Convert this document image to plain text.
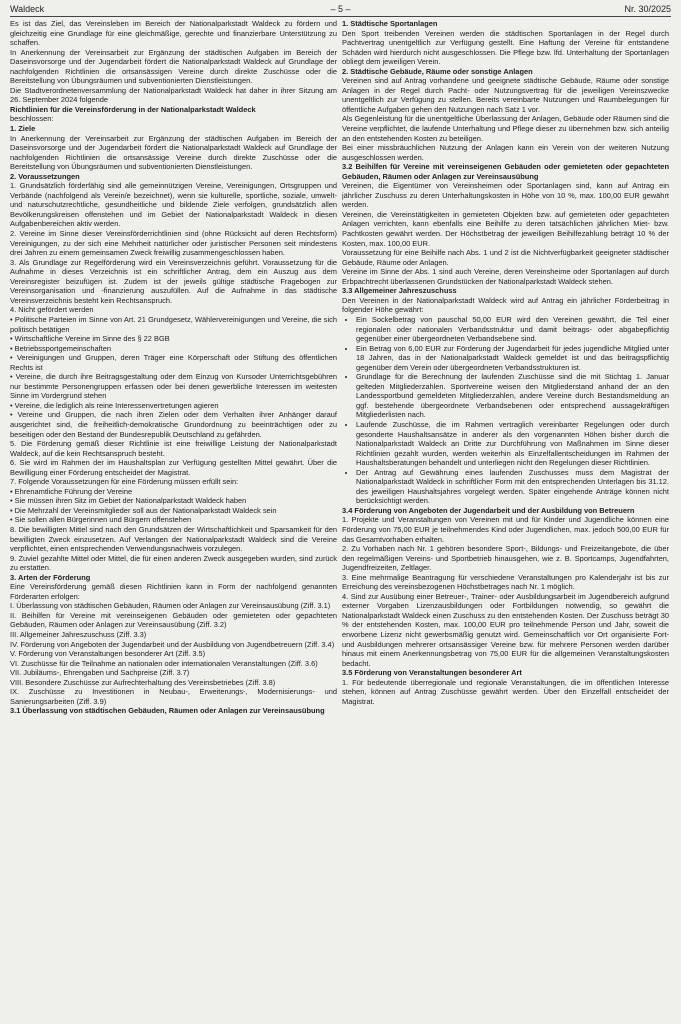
Waldeck	– 5 –	Nr. 30/2025

Es ist das Ziel, das Vereinsleben im Bereich der Nationalparkstadt Waldeck zu fördern und gleichzeitig eine Grundlage für eine gleichmäßige, gerechte und finanzierbare Unterstützung zu schaffen.

In Anerkennung der Vereinsarbeit zur Ergänzung der städtischen Aufgaben im Bereich der Daseinsvorsorge und der Jugendarbeit fördert die Nationalparkstadt Waldeck auf Grundlage der nachfolgenden Richtlinien die ortsansässigen Vereine durch direkte Zuschüsse oder die Bereitstellung von Übungsräumen und subventionierten Dienstleistungen.

Die Stadtverordnetenversammlung der Nationalparkstadt Waldeck hat daher in ihrer Sitzung am 26. September 2024 folgende

Richtlinien für die Vereinsförderung in der Nationalparkstadt Waldeck

beschlossen:

1. Ziele

In Anerkennung der Vereinsarbeit zur Ergänzung der städtischen Aufgaben im Bereich der Daseinsvorsorge und der Jugendarbeit fördert die Nationalparkstadt Waldeck auf Grundlage der nachfolgenden Richtlinien die ortsansässige Vereine durch direkte Zuschüsse oder die Bereitstellung von Übungsräumen und subventionierten Dienstleistungen.

2. Voraussetzungen

1. Grundsätzlich förderfähig sind alle gemeinnützigen Vereine, Vereinigungen, Ortsgruppen und Verbände (nachfolgend als Verein/e bezeichnet), wenn sie kulturelle, sportliche, soziale, umwelt- und naturschutzrechtliche, gesundheitliche und bildende Ziele verfolgen, grundsätzlich allen Bevölkerungskreisen offenstehen und im Gebiet der Nationalparkstadt Waldeck in diesen Aufgabenbereichen aktiv werden.

2. Vereine im Sinne dieser Vereinsförderrichtlinien sind (ohne Rücksicht auf deren Rechtsform) Vereinigungen, zu der sich eine Mehrheit natürlicher oder juristischer Personen seit mindestens drei Jahren zu einem gemeinsamen Zweck freiwillig zusammengeschlossen haben.

3. Als Grundlage zur Regelförderung wird ein Vereinsverzeichnis geführt. Voraussetzung für die Aufnahme in dieses Verzeichnis ist ein schriftlicher Antrag, dem ein Auszug aus dem Vereinsregister beizufügen ist. Zudem ist der jeweils gültige städtische Fragebogen zur Vereinsorganisation und -finanzierung auszufüllen. Auf die Aufnahme in das städtische Vereinsverzeichnis besteht kein Rechtsanspruch.

4. Nicht gefördert werden

• Politische Parteien im Sinne von Art. 21 Grundgesetz, Wählervereinigungen und Vereine, die sich politisch betätigen

• Wirtschaftliche Vereine im Sinne des § 22 BGB

• Betriebssportgemeinschaften

• Vereinigungen und Gruppen, deren Träger eine Körperschaft oder Stiftung des öffentlichen Rechts ist

• Vereine, die durch ihre Beitragsgestaltung oder dem Einzug von Kursoder Unterrichtsgebühren nur bestimmte Personengruppen erfassen oder bei denen gewerbliche Interessen im weitesten Sinne im Vordergrund stehen

• Vereine, die lediglich als reine Interessenvertretungen agieren

• Vereine und Gruppen, die nach ihren Zielen oder dem Verhalten ihrer Anhänger darauf ausgerichtet sind, die freiheitlich-demokratische Grundordnung zu beeinträchtigen oder zu beseitigen oder den Bestand der Bundesrepublik Deutschland zu gefährden.

5. Die Förderung gemäß dieser Richtlinie ist eine freiwillige Leistung der Nationalparkstadt Waldeck, auf die kein Rechtsanspruch besteht.

6. Sie wird im Rahmen der im Haushaltsplan zur Verfügung gestellten Mittel gewährt. Über die Bewilligung einer Förderung entscheidet der Magistrat.

7. Folgende Voraussetzungen für eine Förderung müssen erfüllt sein:

• Ehrenamtliche Führung der Vereine

• Sie müssen ihren Sitz im Gebiet der Nationalparkstadt Waldeck haben

• Die Mehrzahl der Vereinsmitglieder soll aus der Nationalparkstadt Waldeck sein

• Sie sollen allen Bürgerinnen und Bürgern offenstehen

8. Die bewilligten Mittel sind nach den Grundsätzen der Wirtschaftlichkeit und Sparsamkeit für den bewilligten Zweck einzusetzen. Auf Verlangen der Nationalparkstadt Waldeck sind die Vereine verpflichtet, einen entsprechenden Verwendungsnachweis vorzulegen.

9. Zuviel gezahlte Mittel oder Mittel, die für einen anderen Zweck ausgegeben wurden, sind zurück zu erstatten.

3. Arten der Förderung

Eine Vereinsförderung gemäß diesen Richtlinien kann in Form der nachfolgend genannten Förderarten erfolgen:

I. Überlassung von städtischen Gebäuden, Räumen oder Anlagen zur Vereinsausübung (Ziff. 3.1)

II. Beihilfen für Vereine mit vereinseigenen Gebäuden oder gemieteten oder gepachteten Gebäuden, Räumen oder Anlagen zur Vereinsausübung (Ziff. 3.2)

III. Allgemeiner Jahreszuschuss (Ziff. 3.3)

IV. Förderung von Angeboten der Jugendarbeit und der Ausbildung von Jugendbetreuern (Ziff. 3.4)

V. Förderung von Veranstaltungen besonderer Art (Ziff. 3.5)

VI. Zuschüsse für die Teilnahme an nationalen oder internationalen Veranstaltungen (Ziff. 3.6)

VII. Jubiläums-, Ehrengaben und Sachpreise (Ziff. 3.7)

VIII. Besondere Zuschüsse zur Aufrechterhaltung des Vereinsbetriebes (Ziff. 3.8)

IX. Zuschüsse zu Investitionen in Neubau-, Erweiterungs-, Modernisierungs- und Sanierungsarbeiten (Ziff. 3.9)

3.1 Überlassung von städtischen Gebäuden, Räumen oder Anlagen zur Vereinsausübung

1. Städtische Sportanlagen

Den Sport treibenden Vereinen werden die städtischen Sportanlagen in der Regel durch Pachtvertrag unentgeltlich zur Verfügung gestellt. Eine Haftung der Vereine für entstandene Schäden wird hierdurch nicht ausgeschlossen. Die Pflege bzw. lfd. Unterhaltung der Sportanlagen obliegt dem jeweiligen Verein.

2. Städtische Gebäude, Räume oder sonstige Anlagen

Vereinen sind auf Antrag vorhandene und geeignete städtische Gebäude, Räume oder sonstige Anlagen in der Regel durch Pacht- oder Nutzungsvertrag für die jeweiligen Vereinszwecke unentgeltlich zur Verfügung zu stellen. Bereits vereinbarte Nutzungen und Raumbelegungen für öffentliche Aufgaben gehen den Nutzungen nach Satz 1 vor.

Als Gegenleistung für die unentgeltliche Überlassung der Anlagen, Gebäude oder Räumen sind die Vereine verpflichtet, die laufende Unterhaltung und Pflege dieser zu übernehmen bzw. sich anteilig an den entstehenden Kosten zu beteiligen.

Bei einer missbräuchlichen Nutzung der Anlagen kann ein Verein von der weiteren Nutzung ausgeschlossen werden.

3.2 Beihilfen für Vereine mit vereinseigenen Gebäuden oder gemieteten oder gepachteten Gebäuden, Räumen oder Anlagen zur Vereinsausübung

Vereinen, die Eigentümer von Vereinsheimen oder Sportanlagen sind, kann auf Antrag ein jährlicher Zuschuss zu deren Unterhaltungskosten in Höhe von 10 %, max. 100,00 EUR gewährt werden.

Vereinen, die Vereinstätigkeiten in gemieteten Objekten bzw. auf gemieteten oder gepachteten Anlagen verrichten, kann ebenfalls eine Beihilfe zu deren tatsächlichen jährlichen Miet- bzw. Pachtkosten gewährt werden. Der Höchstbetrag der jeweiligen Beihilfezahlung beträgt 10 % der Kosten, max. 100,00 EUR.

Voraussetzung für eine Beihilfe nach Abs. 1 und 2 ist die Nichtverfügbarkeit geeigneter städtischer Gebäude, Räume oder Anlagen.

Vereine im Sinne der Abs. 1 sind auch Vereine, deren Vereinsheime oder Sportanlagen auf durch Erbpachtrecht überlassenen Grundstücken der Nationalparkstadt Waldeck stehen.

3.3 Allgemeiner Jahreszuschuss

Den Vereinen in der Nationalparkstadt Waldeck wird auf Antrag ein jährlicher Förderbeitrag in folgender Höhe gewährt:

• Ein Sockelbetrag von pauschal 50,00 EUR wird den Vereinen gewährt, die Teil einer regionalen oder nationalen Verbandsstruktur und damit beitrags- oder abgabepflichtig gegenüber einer übergeordneten Verbandsebene sind.
• Ein Betrag von 6,00 EUR zur Förderung der Jugendarbeit für jedes jugendliche Mitglied unter 18 Jahren, das in der Nationalparkstadt Waldeck gemeldet ist und das beitragspflichtig gegenüber dem Verein oder übergeordneten Verbandsstrukturen ist.
• Grundlage für die Berechnung der laufenden Zuschüsse sind die mit Stichtag 1. Januar gelteden Mitgliederzahlen. Sportvereine weisen den Mitgliederstand anhand der an den Landessportbund gemeldeten Mitgliederzahlen, andere Vereine durch Bestandsmeldung an ggf. bestehende übergeordnete Verbandsebenen oder entsprechend aussagekräftigen Mitgliederlisten nach.
• Laufende Zuschüsse, die im Rahmen vertraglich vereinbarter Regelungen oder durch gesonderte Haushaltsansätze in anderer als den vorgenannten Höhen bisher durch die Nationalparkstadt Waldeck an Dritte zur Durchführung von Maßnahmen im Sinne dieser Richtlinien gezahlt wurden, werden weiterhin als Einzelfallentscheidungen im Rahmen der Haushaltsberatungen behandelt und unterliegen nicht den Regelungen dieser Richtlinien.
• Der Antrag auf Gewährung eines laufenden Zuschusses muss dem Magistrat der Nationalparkstadt Waldeck in schriftlicher Form mit den entsprechenden Unterlagen bis 31.12. des jeweiligen Haushaltsjahres vorgelegt werden. Später eingehende Anträge können nicht berücksichtigt werden.

3.4 Förderung von Angeboten der Jugendarbeit und der Ausbildung von Betreuern

1. Projekte und Veranstaltungen von Vereinen mit und für Kinder und Jugendliche können eine Förderung von 75,00 EUR je teilnehmendes Kind oder Jugendlichen, max. jedoch 500,00 EUR für das Gesamtvorhaben erhalten.

2. Zu Vorhaben nach Nr. 1 gehören besondere Sport-, Bildungs- und Freizeitangebote, die über den regelmäßigen Vereins- und Sportbetrieb hinausgehen, wie z. B. Sportcamps, Jugendfahrten, Jugendfreizeiten, Zeltlager.

3. Eine mehrmalige Beantragung für verschiedene Veranstaltungen pro Kalenderjahr ist bis zur Erreichung des vereinsbezogenen Höchstbetrages nach Nr. 1 möglich.

4. Sind zur Ausübung einer Betreuer-, Trainer- oder Ausbildungsarbeit im Jugendbereich aufgrund externer Vorgaben Lizenzausbildungen oder Fortbildungen notwendig, so gewährt die Nationalparkstadt Waldeck einen Zuschuss zu den entstehenden Kosten. Der Zuschuss beträgt 30 % der entstehenden Kosten, max. 100,00 EUR pro teilnehmende Person und Jahr, soweit die erworbene Lizenz nicht gewerbsmäßig genutzt wird. Gemeinschaftlich vor Ort organisierte Fort- und Ausbildungen mehrerer ortsansässiger Vereine bzw. für mehrere Personen werden darüber hinaus mit einem Anerkennungsbetrag von 75,00 EUR für die allgemeinen Veranstaltungskosten bedacht.

3.5 Förderung von Veranstaltungen besonderer Art

1. Für bedeutende überregionale und regionale Veranstaltungen, die im öffentlichen Interesse stehen, können auf Antrag Zuschüsse gewährt werden. Über den Einzelfall entscheidet der Magistrat.
